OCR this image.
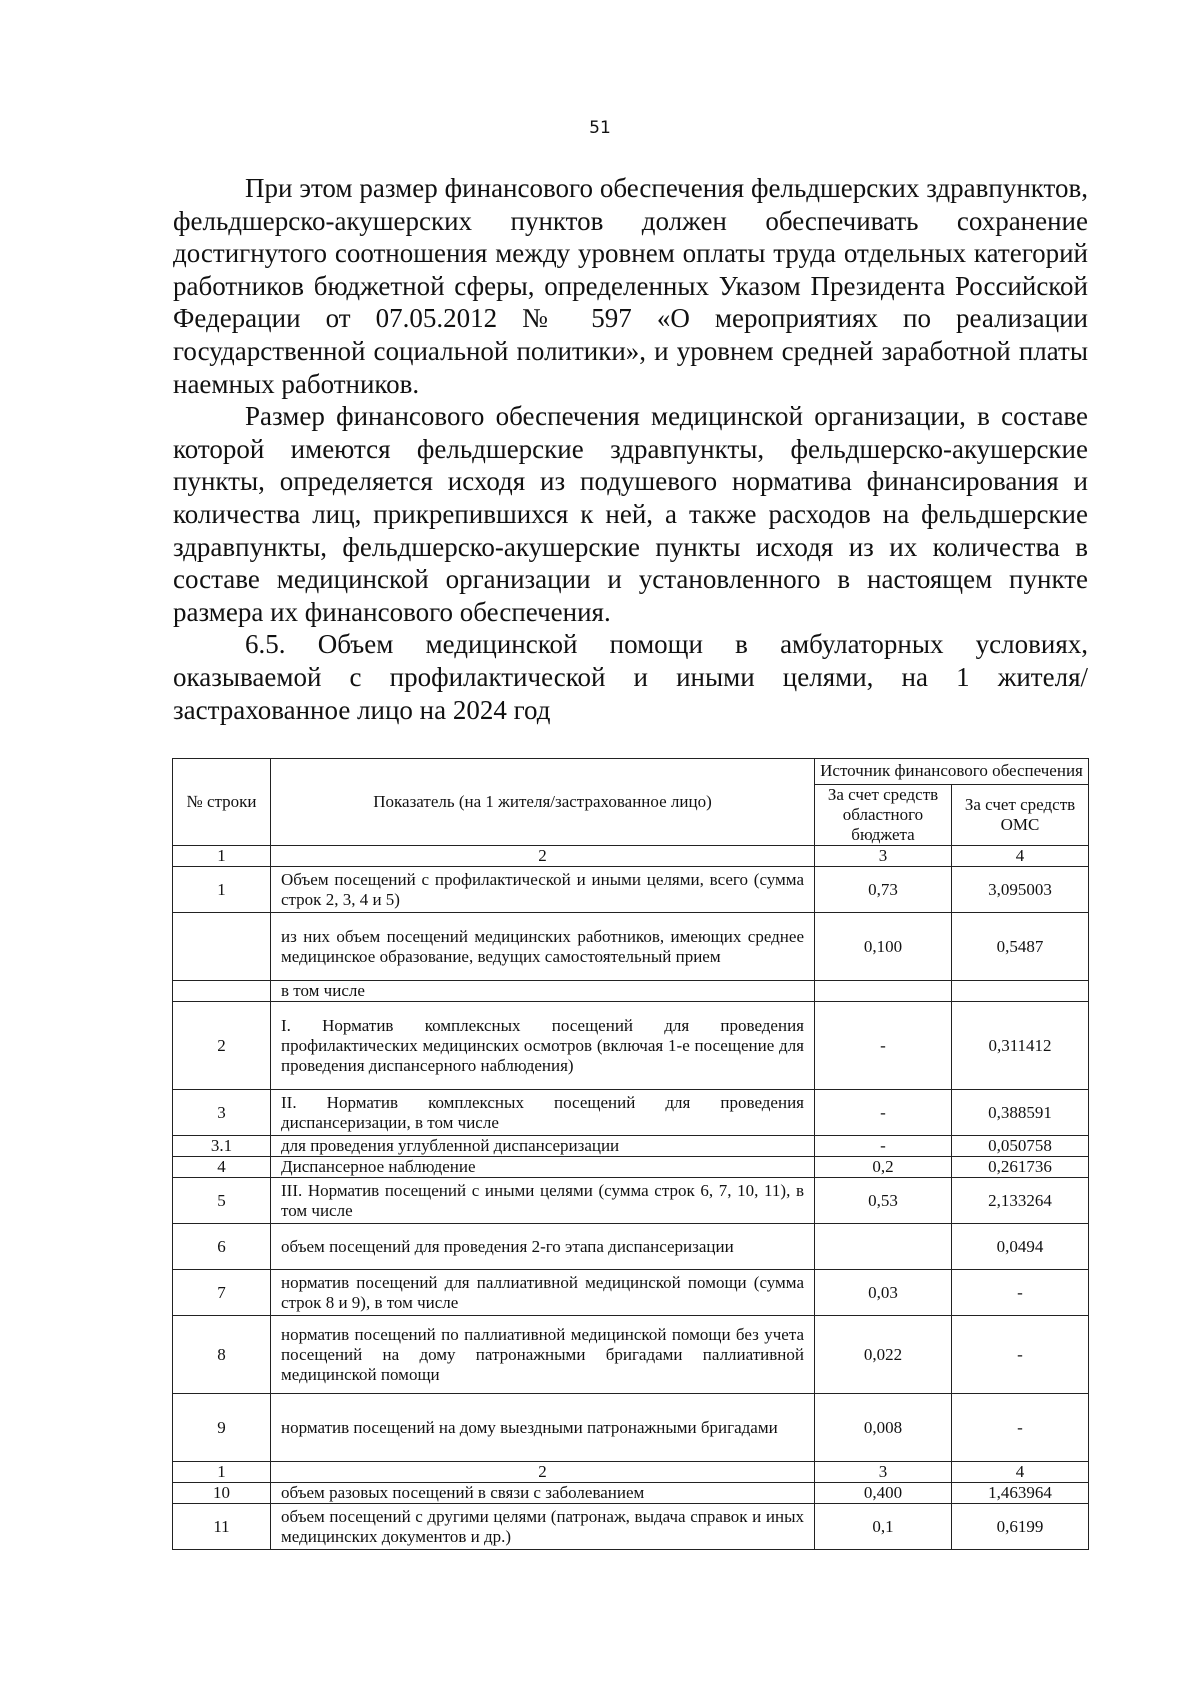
51

При этом размер финансового обеспечения фельдшерских здравпунктов, фельдшерско-акушерских пунктов должен обеспечивать сохранение достигнутого соотношения между уровнем оплаты труда отдельных категорий работников бюджетной сферы, определенных Указом Президента Российской Федерации от 07.05.2012 № 597 «О мероприятиях по реализации государственной социальной политики», и уровнем средней заработной платы наемных работников.

Размер финансового обеспечения медицинской организации, в составе которой имеются фельдшерские здравпункты, фельдшерско-акушерские пункты, определяется исходя из подушевого норматива финансирования и количества лиц, прикрепившихся к ней, а также расходов на фельдшерские здравпункты, фельдшерско-акушерские пункты исходя из их количества в составе медицинской организации и установленного в настоящем пункте размера их финансового обеспечения.

6.5. Объем медицинской помощи в амбулаторных условиях, оказываемой с профилактической и иными целями, на 1 жителя/ застрахованное лицо на 2024 год

№ строки	Показатель (на 1 жителя/застрахованное лицо)	Источник финансового обеспечения	
		За счет средств областного бюджета	За счет средств ОМС
1	2	3	4
1	Объем посещений с профилактической и иными целями, всего (сумма строк 2, 3, 4 и 5)	0,73	3,095003
	из них объем посещений медицинских работников, имеющих среднее медицинское образование, ведущих самостоятельный прием	0,100	0,5487
	в том числе		
2	I. Норматив комплексных посещений для проведения профилактических медицинских осмотров (включая 1-е посещение для проведения диспансерного наблюдения)	-	0,311412
3	II. Норматив комплексных посещений для проведения диспансеризации, в том числе	-	0,388591
3.1	для проведения углубленной диспансеризации	-	0,050758
4	Диспансерное наблюдение	0,2	0,261736
5	III. Норматив посещений с иными целями (сумма строк 6, 7, 10, 11), в том числе	0,53	2,133264
6	объем посещений для проведения 2-го этапа диспансеризации		0,0494
7	норматив посещений для паллиативной медицинской помощи (сумма строк 8 и 9), в том числе	0,03	-
8	норматив посещений по паллиативной медицинской помощи без учета посещений на дому патронажными бригадами паллиативной медицинской помощи	0,022	-
9	норматив посещений на дому выездными патронажными бригадами	0,008	-
1	2	3	4
10	объем разовых посещений в связи с заболеванием	0,400	1,463964
11	объем посещений с другими целями (патронаж, выдача справок и иных медицинских документов и др.)	0,1	0,6199
